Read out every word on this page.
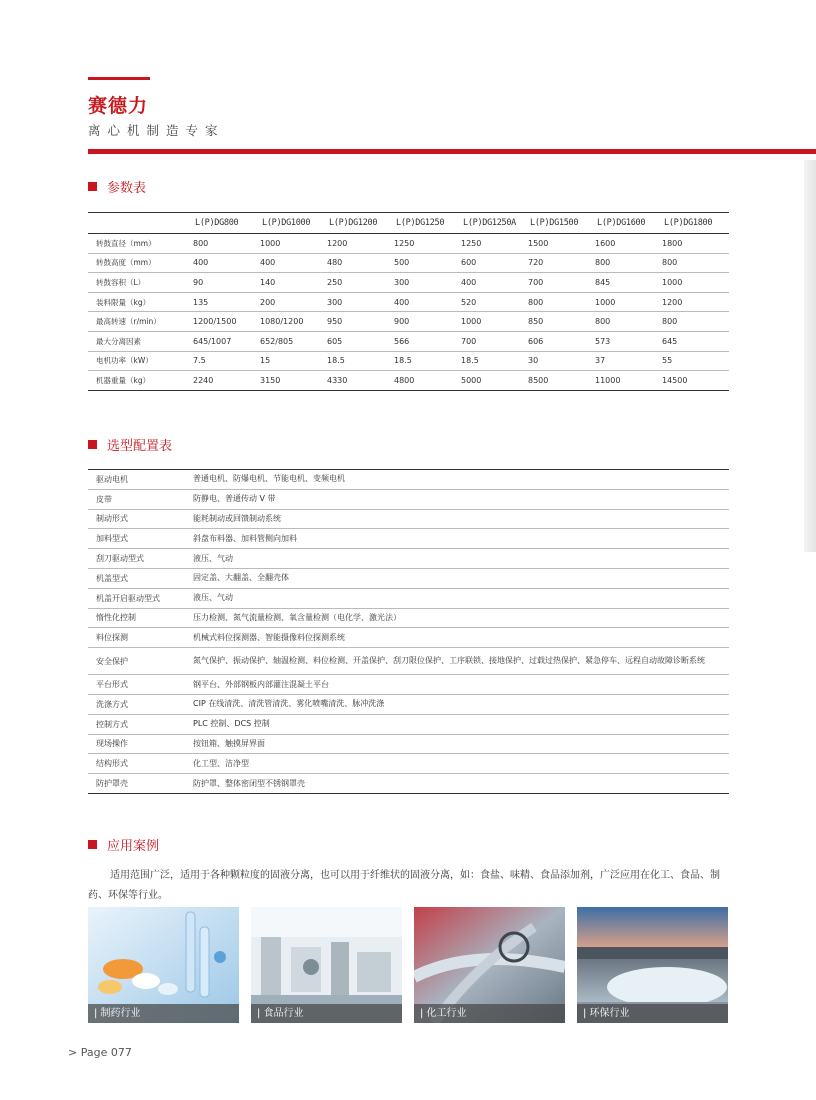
赛德力
离心机制造专家
参数表
	L(P)DG800	L(P)DG1000	L(P)DG1200	L(P)DG1250	L(P)DG1250A	L(P)DG1500	L(P)DG1600	L(P)DG1800
转鼓直径（mm）	800	1000	1200	1250	1250	1500	1600	1800
转鼓高度（mm）	400	400	480	500	600	720	800	800
转鼓容积（L）	90	140	250	300	400	700	845	1000
装料限量（kg）	135	200	300	400	520	800	1000	1200
最高转速（r/min）	1200/1500	1080/1200	950	900	1000	850	800	800
最大分离因素	645/1007	652/805	605	566	700	606	573	645
电机功率（kW）	7.5	15	18.5	18.5	18.5	30	37	55
机器重量（kg）	2240	3150	4330	4800	5000	8500	11000	14500
选型配置表
驱动电机	普通电机、防爆电机、节能电机、变频电机
皮带	防静电、普通传动 V 带
制动形式	能耗制动或回馈制动系统
加料型式	斜盘布料器、加料管侧向加料
刮刀驱动型式	液压、气动
机盖型式	固定盖、大翻盖、全翻壳体
机盖开启驱动型式	液压、气动
惰性化控制	压力检测、氮气流量检测、氧含量检测（电化学、激光法）
料位探测	机械式料位探测器、智能摄像料位探测系统
安全保护	氮气保护、振动保护、轴温检测、料位检测、开盖保护、刮刀限位保护、工序联锁、接地保护、过载过热保护、紧急停车、远程自动故障诊断系统
平台形式	钢平台、外部钢板内部灌注混凝土平台
洗涤方式	CIP 在线清洗、清洗管清洗、雾化喷嘴清洗、脉冲洗涤
控制方式	PLC 控制、DCS 控制
现场操作	按钮箱、触摸屏界面
结构形式	化工型、洁净型
防护罩壳	防护罩、整体密闭型不锈钢罩壳
应用案例
适用范围广泛，适用于各种颗粒度的固液分离，也可以用于纤维状的固液分离，如：食盐、味精、食品添加剂，广泛应用在化工、食品、制药、环保等行业。
| 制药行业	| 食品行业	| 化工行业	| 环保行业
> Page 077
